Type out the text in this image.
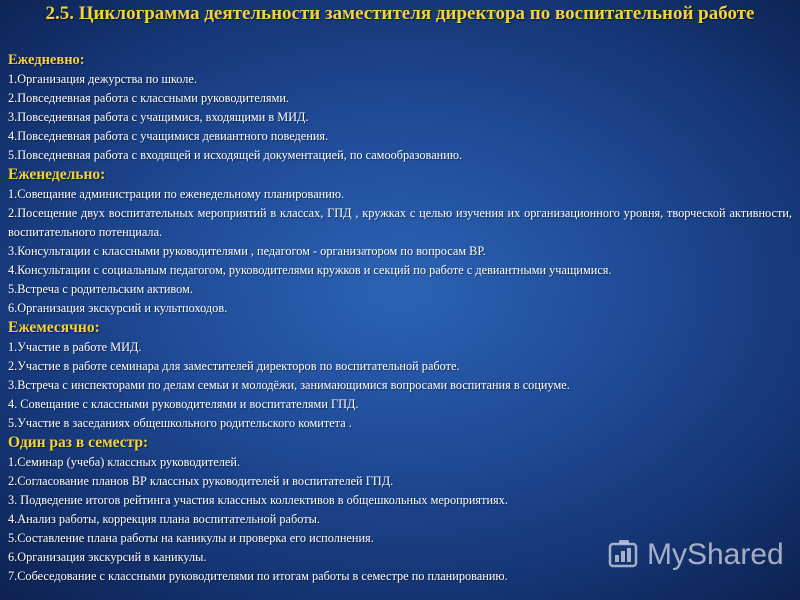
2.5. Циклограмма деятельности заместителя директора по воспитательной работе
Ежедневно:
1.Организация дежурства по школе.
2.Повседневная работа с классными руководителями.
3.Повседневная работа с учащимися, входящими в МИД.
4.Повседневная работа с учащимися девиантного поведения.
5.Повседневная работа с входящей и исходящей документацией, по самообразованию.
Еженедельно:
1.Совещание администрации по еженедельному планированию.
2.Посещение двух воспитательных мероприятий в классах, ГПД , кружках с целью изучения их организационного уровня, творческой активности, воспитательного потенциала.
3.Консультации с классными руководителями , педагогом - организатором по вопросам ВР.
4.Консультации с социальным педагогом, руководителями кружков и секций по работе с девиантными учащимися.
5.Встреча с родительским активом.
6.Организация экскурсий и культпоходов.
Ежемесячно:
1.Участие в работе МИД.
2.Участие в работе семинара для заместителей директоров по воспитательной работе.
3.Встреча с инспекторами по делам семьи и молодёжи, занимающимися вопросами воспитания в социуме.
4. Совещание с классными руководителями и воспитателями ГПД.
5.Участие в заседаниях общешкольного родительского комитета .
Один раз в семестр:
1.Семинар (учеба) классных руководителей.
2.Согласование планов ВР классных руководителей и воспитателей ГПД.
3. Подведение итогов рейтинга участия классных коллективов в общешкольных мероприятиях.
4.Анализ работы, коррекция плана воспитательной работы.
5.Составление плана работы на каникулы и проверка его исполнения.
6.Организация экскурсий в каникулы.
7.Собеседование с классными руководителями по итогам работы в семестре по планированию.
MyShared
